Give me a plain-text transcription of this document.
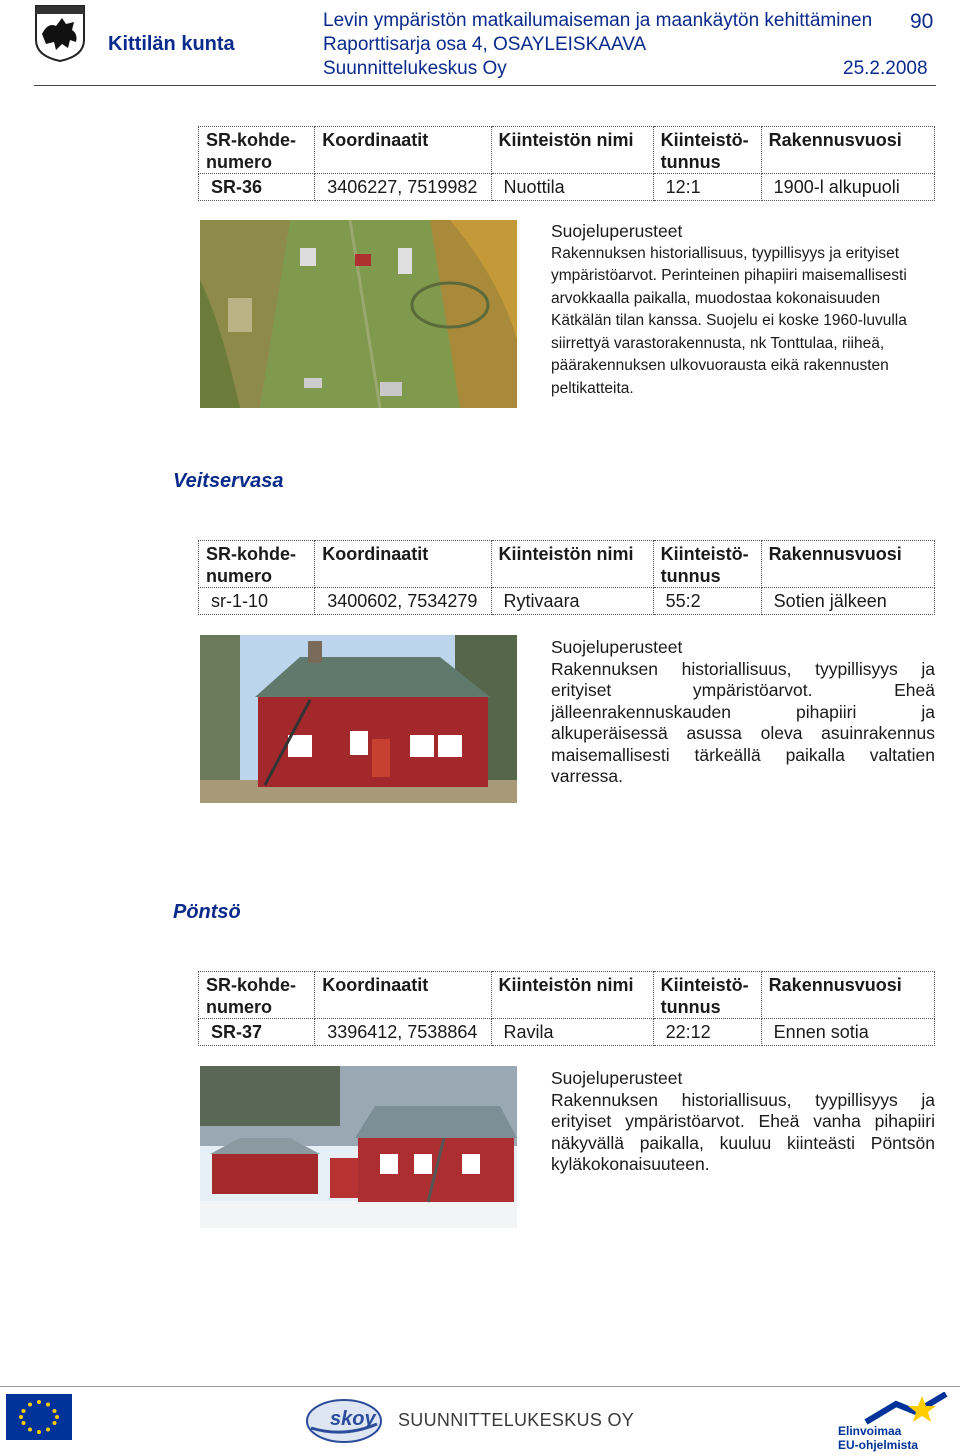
Kittilän kunta
Levin ympäristön matkailumaiseman ja maankäytön kehittäminen
Raporttisarja osa 4, OSAYLEISKAAVA
Suunnittelukeskus Oy
90
25.2.2008
SR-kohde-
numero	Koordinaatit	Kiinteistön nimi	Kiinteistö-
tunnus	Rakennusvuosi
SR-36	3406227, 7519982	Nuottila	12:1	1900-l alkupuoli
Suojeluperusteet
Rakennuksen historiallisuus, tyypillisyys ja erityiset ympäristöarvot. Perinteinen pihapiiri maisemallisesti arvokkaalla paikalla, muodostaa kokonaisuuden Kätkälän tilan kanssa. Suojelu ei koske 1960-luvulla siirrettyä varastorakennusta, nk Tonttulaa, riiheä, päärakennuksen ulkovuorausta eikä rakennusten peltikatteita.
Veitservasa
SR-kohde-
numero	Koordinaatit	Kiinteistön nimi	Kiinteistö-
tunnus	Rakennusvuosi
sr-1-10	3400602, 7534279	Rytivaara	55:2	Sotien jälkeen
Suojeluperusteet
Rakennuksen historiallisuus, tyypillisyys ja erityiset ympäristöarvot. Eheä jälleenrakennuskauden pihapiiri ja alkuperäisessä asussa oleva asuinrakennus maisemallisesti tärkeällä paikalla valtatien varressa.
Pöntsö
SR-kohde-
numero	Koordinaatit	Kiinteistön nimi	Kiinteistö-
tunnus	Rakennusvuosi
SR-37	3396412, 7538864	Ravila	22:12	Ennen sotia
Suojeluperusteet
Rakennuksen historiallisuus, tyypillisyys ja erityiset ympäristöarvot. Eheä vanha pihapiiri näkyvällä paikalla, kuuluu kiinteästi Pöntsön kyläkokonaisuuteen.
skoy SUUNNITTELUKESKUS OY
Elinvoimaa
EU-ohjelmista
